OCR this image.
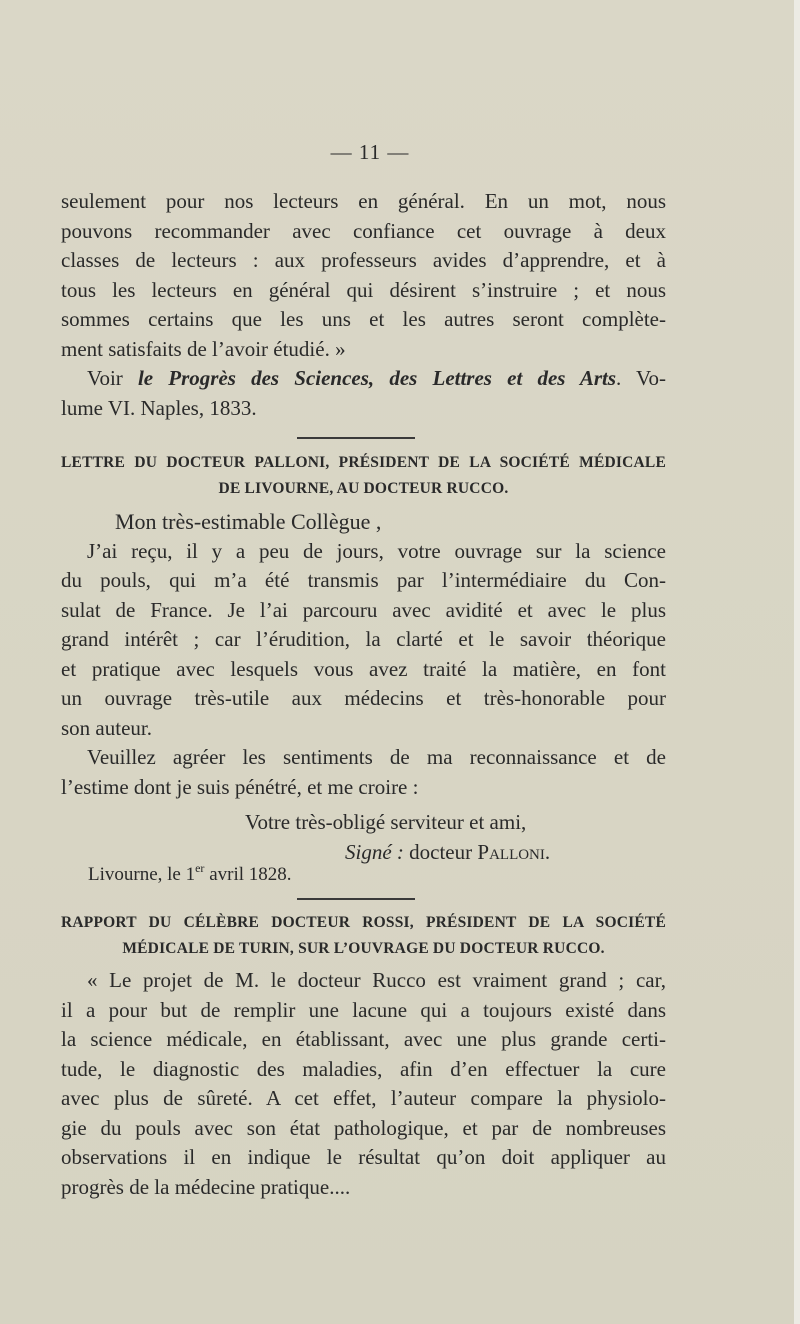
— 11 —
seulement pour nos lecteurs en général. En un mot, nous
pouvons recommander avec confiance cet ouvrage à deux
classes de lecteurs : aux professeurs avides d’apprendre, et à
tous les lecteurs en général qui désirent s’instruire ; et nous
sommes certains que les uns et les autres seront complète-
ment satisfaits de l’avoir étudié. »
Voir le Progrès des Sciences, des Lettres et des Arts. Vo-
lume VI. Naples, 1833.
LETTRE DU DOCTEUR PALLONI, PRÉSIDENT DE LA SOCIÉTÉ MÉDICALE
DE LIVOURNE, AU DOCTEUR RUCCO.
Mon très-estimable Collègue ,
J’ai reçu, il y a peu de jours, votre ouvrage sur la science
du pouls, qui m’a été transmis par l’intermédiaire du Con-
sulat de France. Je l’ai parcouru avec avidité et avec le plus
grand intérêt ; car l’érudition, la clarté et le savoir théorique
et pratique avec lesquels vous avez traité la matière, en font
un ouvrage très-utile aux médecins et très-honorable pour
son auteur.
Veuillez agréer les sentiments de ma reconnaissance et de
l’estime dont je suis pénétré, et me croire :
Votre très-obligé serviteur et ami,
Signé : docteur Palloni.
Livourne, le 1er avril 1828.
RAPPORT DU CÉLÈBRE DOCTEUR ROSSI, PRÉSIDENT DE LA SOCIÉTÉ
MÉDICALE DE TURIN, SUR L’OUVRAGE DU DOCTEUR RUCCO.
« Le projet de M. le docteur Rucco est vraiment grand ; car,
il a pour but de remplir une lacune qui a toujours existé dans
la science médicale, en établissant, avec une plus grande certi-
tude, le diagnostic des maladies, afin d’en effectuer la cure
avec plus de sûreté. A cet effet, l’auteur compare la physiolo-
gie du pouls avec son état pathologique, et par de nombreuses
observations il en indique le résultat qu’on doit appliquer au
progrès de la médecine pratique....
